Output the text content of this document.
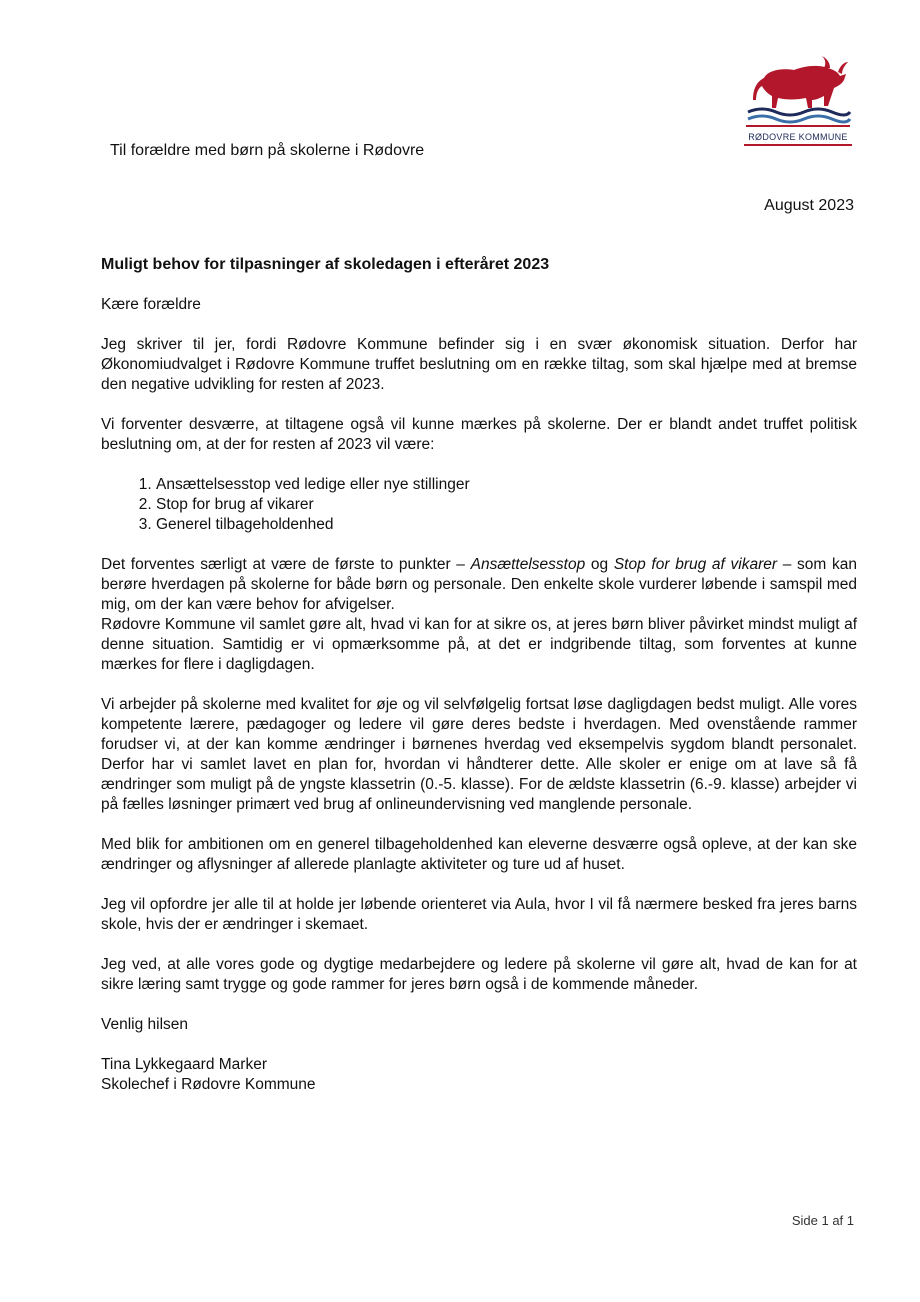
RØDOVRE KOMMUNE
Til forældre med børn på skolerne i Rødovre
August 2023
Muligt behov for tilpasninger af skoledagen i efteråret 2023

Kære forældre

Jeg skriver til jer, fordi Rødovre Kommune befinder sig i en svær økonomisk situation. Derfor har Økonomiudvalget i Rødovre Kommune truffet beslutning om en række tiltag, som skal hjælpe med at bremse den negative udvikling for resten af 2023.

Vi forventer desværre, at tiltagene også vil kunne mærkes på skolerne. Der er blandt andet truffet politisk beslutning om, at der for resten af 2023 vil være:

1. Ansættelsesstop ved ledige eller nye stillinger
2. Stop for brug af vikarer
3. Generel tilbageholdenhed

Det forventes særligt at være de første to punkter – Ansættelsesstop og Stop for brug af vikarer – som kan berøre hverdagen på skolerne for både børn og personale. Den enkelte skole vurderer løbende i samspil med mig, om der kan være behov for afvigelser.

Rødovre Kommune vil samlet gøre alt, hvad vi kan for at sikre os, at jeres børn bliver påvirket mindst muligt af denne situation. Samtidig er vi opmærksomme på, at det er indgribende tiltag, som forventes at kunne mærkes for flere i dagligdagen.

Vi arbejder på skolerne med kvalitet for øje og vil selvfølgelig fortsat løse dagligdagen bedst muligt. Alle vores kompetente lærere, pædagoger og ledere vil gøre deres bedste i hverdagen. Med ovenstående rammer forudser vi, at der kan komme ændringer i børnenes hverdag ved eksempelvis sygdom blandt personalet. Derfor har vi samlet lavet en plan for, hvordan vi håndterer dette. Alle skoler er enige om at lave så få ændringer som muligt på de yngste klassetrin (0.-5. klasse). For de ældste klassetrin (6.-9. klasse) arbejder vi på fælles løsninger primært ved brug af onlineundervisning ved manglende personale.

Med blik for ambitionen om en generel tilbageholdenhed kan eleverne desværre også opleve, at der kan ske ændringer og aflysninger af allerede planlagte aktiviteter og ture ud af huset.

Jeg vil opfordre jer alle til at holde jer løbende orienteret via Aula, hvor I vil få nærmere besked fra jeres barns skole, hvis der er ændringer i skemaet.

Jeg ved, at alle vores gode og dygtige medarbejdere og ledere på skolerne vil gøre alt, hvad de kan for at sikre læring samt trygge og gode rammer for jeres børn også i de kommende måneder.

Venlig hilsen

Tina Lykkegaard Marker

Skolechef i Rødovre Kommune

Side 1 af 1
